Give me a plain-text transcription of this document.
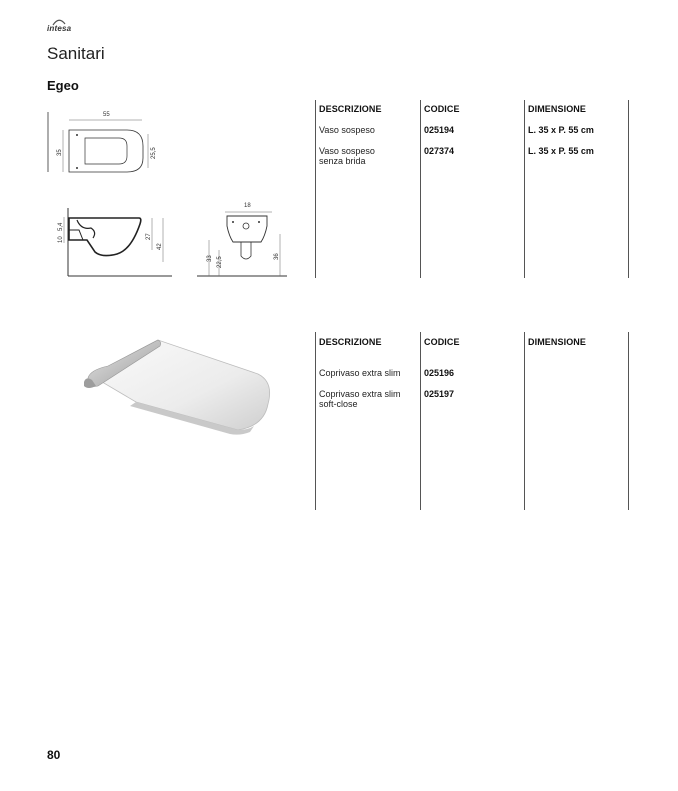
intesa
Sanitari
Egeo
55
35	25,5
10
5,4
27
42
18
33 22,5	36
DESCRIZIONE	CODICE	DIMENSIONE
Vaso sospeso	025194	L. 35 x P. 55 cm
Vaso sospeso
senza brida
027374	L. 35 x P. 55 cm
DESCRIZIONE	CODICE	DIMENSIONE
Coprivaso extra slim	025196
Coprivaso extra slim
soft-close
025197
80
